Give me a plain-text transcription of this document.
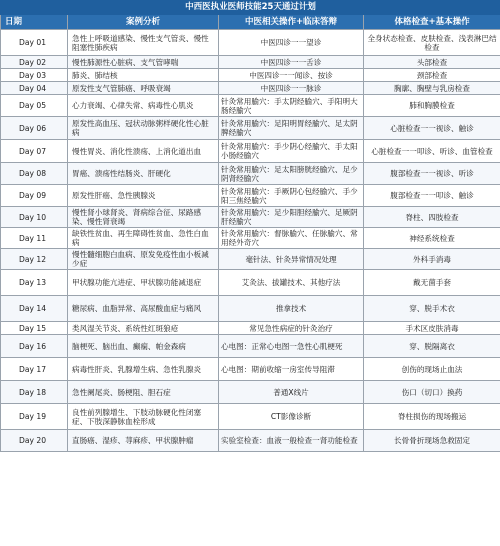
中西医执业医师技能25天通过计划			
日期	案例分析	中医相关操作+临床答辩	体格检查+基本操作
Day 01	急性上呼吸道感染、慢性支气管炎、慢性阻塞性肺疾病	中医四诊一一望诊	全身状态检查、皮肤检查、浅表淋巴结检查
Day 02	慢性肺源性心脏病、支气管哮喘	中医四诊一一舌诊	头部检查
Day 03	肺炎、肺结核	中医四诊一一闻诊、按诊	颈部检查
Day 04	原发性支气管肺癌、呼吸衰竭	中医四诊一一脉诊	胸廓、胸壁与乳房检查
Day 05	心力衰竭、心律失常、病毒性心肌炎	针灸常用腧穴：手太阴经腧穴、手阳明大肠经腧穴	肺和胸膜检查
Day 06	原发性高血压、冠状动脉粥样硬化性心脏病	针灸常用腧穴：足阳明胃经腧穴、足太阴脾经腧穴	心脏检查一一视诊、触诊
Day 07	慢性胃炎、消化性溃疡、上消化道出血	针灸常用腧穴：手少阴心经腧穴、手太阳小肠经腧穴	心脏检查一一叩诊、听诊、血管检查
Day 08	胃癌、溃疡性结肠炎、肝硬化	针灸常用腧穴：足太阳膀胱经腧穴、足少阴肾经腧穴	腹部检查一一视诊、听诊
Day 09	原发性肝癌、急性胰腺炎	针灸常用腧穴：手厥阴心包经腧穴、手少阳三焦经腧穴	腹部检查一一叩诊、触诊
Day 10	慢性肾小球肾炎、肾病综合征、尿路感染、慢性肾衰竭	针灸常用腧穴：足少阳胆经腧穴、足厥阴肝经腧穴	脊柱、四肢检查
Day 11	缺铁性贫血、再生障碍性贫血、急性白血病	针灸常用腧穴：督脉腧穴、任脉腧穴、常用经外奇穴	神经系统检查
Day 12	慢性髓细胞白血病、原发免疫性血小板减少症	毫针法、针灸异常情况处理	外科手消毒
Day 13	甲状腺功能亢进症、甲状腺功能减退症	艾灸法、拔罐技术、其他疗法	戴无菌手套
Day 14	糖尿病、血脂异常、高尿酸血症与痛风	推拿技术	穿、脱手术衣
Day 15	类风湿关节炎、系统性红斑狼疮	常见急性病症的针灸治疗	手术区皮肤消毒
Day 16	脑梗死、脑出血、癫痫、帕金森病	心电图：正常心电图一急性心肌梗死	穿、脱隔离衣
Day 17	病毒性肝炎、乳腺增生病、急性乳腺炎	心电图：期前收缩一房室传导阻滞	创伤的现场止血法
Day 18	急性阑尾炎、肠梗阻、胆石症	普通X线片	伤口（切口）换药
Day 19	良性前列腺增生、下肢动脉硬化性闭塞症、下肢深静脉血栓形成	CT影像诊断	脊柱损伤的现场搬运
Day 20	直肠癌、湿疹、荨麻疹、甲状腺肿瘤	实验室检查：血液一般检查一肾功能检查	长骨骨折现场急救固定
